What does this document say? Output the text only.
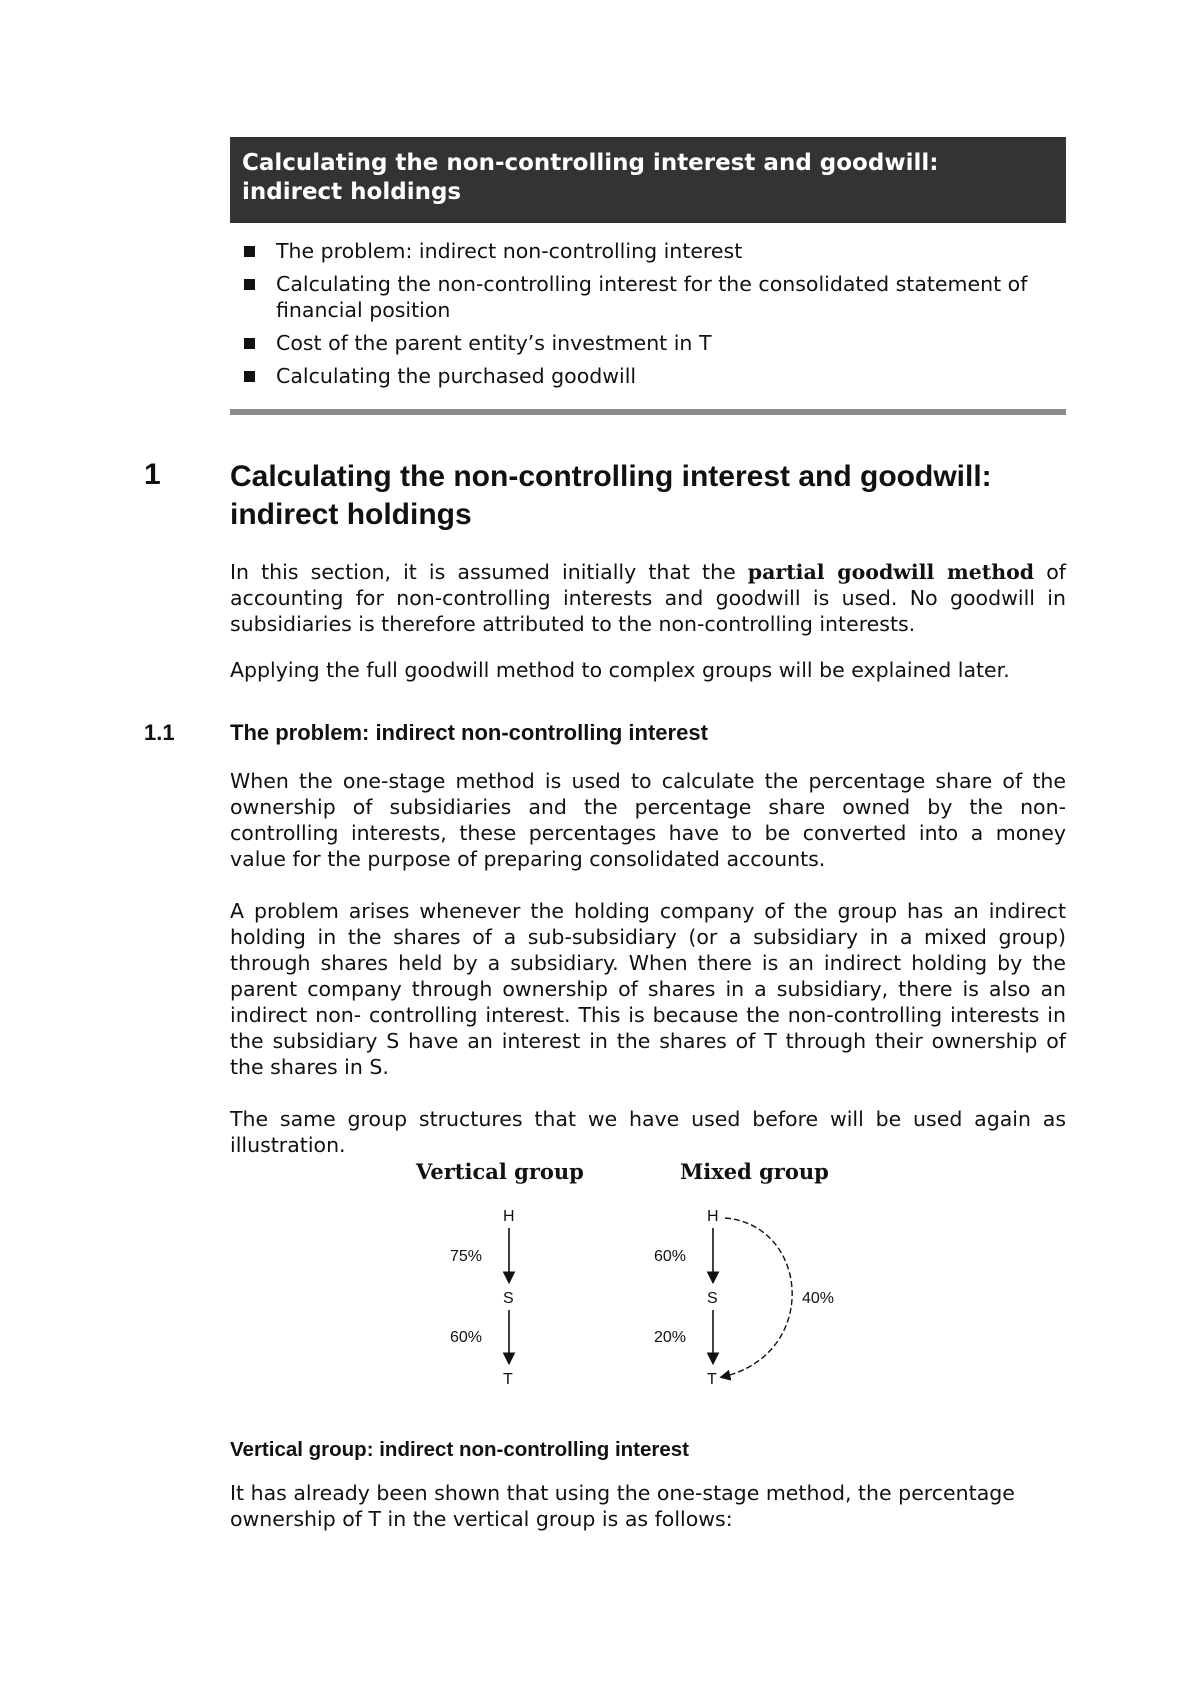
Calculating the non-controlling interest and goodwill:
indirect holdings
The problem: indirect non-controlling interest
Calculating the non-controlling interest for the consolidated statement of financial position
Cost of the parent entity’s investment in T
Calculating the purchased goodwill
1 Calculating the non-controlling interest and goodwill: indirect holdings
In this section, it is assumed initially that the partial goodwill method of accounting for non-controlling interests and goodwill is used. No goodwill in subsidiaries is therefore attributed to the non-controlling interests.
Applying the full goodwill method to complex groups will be explained later.
1.1	The problem: indirect non-controlling interest
When the one-stage method is used to calculate the percentage share of the ownership of subsidiaries and the percentage share owned by the non-controlling interests, these percentages have to be converted into a money value for the purpose of preparing consolidated accounts.
A problem arises whenever the holding company of the group has an indirect holding in the shares of a sub-subsidiary (or a subsidiary in a mixed group) through shares held by a subsidiary. When there is an indirect holding by the parent company through ownership of shares in a subsidiary, there is also an indirect non- controlling interest. This is because the non-controlling interests in the subsidiary S have an interest in the shares of T through their ownership of the shares in S.
The same group structures that we have used before will be used again as illustration.
Vertical group	Mixed group
H
S
T
75%
60%
H
S
T
60%
20%
40%
Vertical group: indirect non-controlling interest
It has already been shown that using the one-stage method, the percentage ownership of T in the vertical group is as follows:
